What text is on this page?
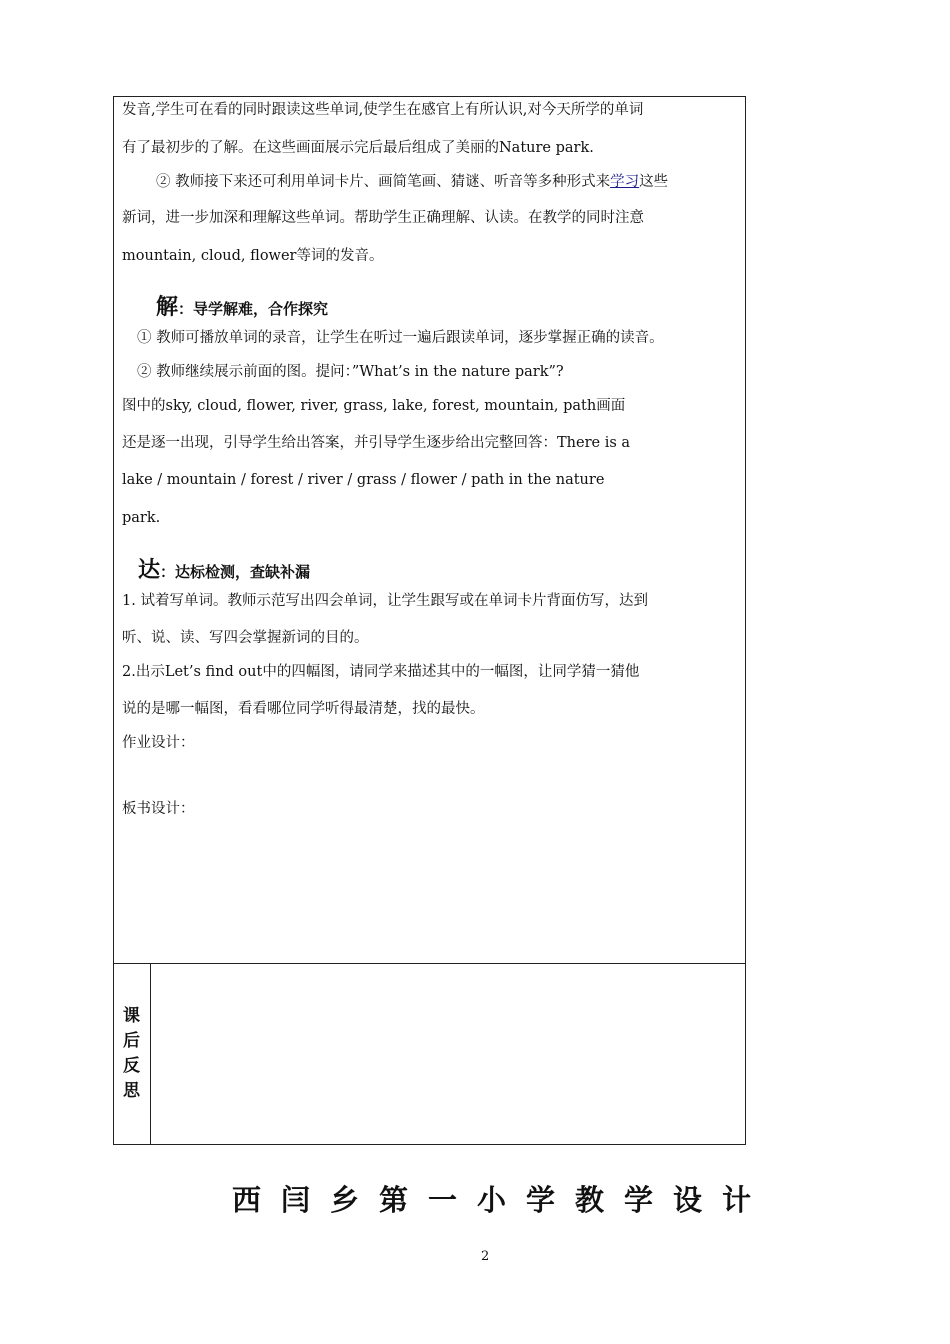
发音,学生可在看的同时跟读这些单词,使学生在感官上有所认识,对今天所学的单词
有了最初步的了解。在这些画面展示完后最后组成了美丽的Nature park.
② 教师接下来还可利用单词卡片、画简笔画、猜谜、听音等多种形式来学习这些
新词，进一步加深和理解这些单词。帮助学生正确理解、认读。在教学的同时注意
mountain, cloud, flower等词的发音。
解：导学解难，合作探究
① 教师可播放单词的录音，让学生在听过一遍后跟读单词，逐步掌握正确的读音。
② 教师继续展示前面的图。提问：”What’s in the nature park”?
图中的sky, cloud, flower, river, grass, lake, forest, mountain, path画面
还是逐一出现，引导学生给出答案，并引导学生逐步给出完整回答：There is a
lake / mountain / forest / river / grass / flower / path in the nature
park.
达：达标检测，查缺补漏
1. 试着写单词。教师示范写出四会单词，让学生跟写或在单词卡片背面仿写，达到
听、说、读、写四会掌握新词的目的。
2.出示Let’s find out中的四幅图，请同学来描述其中的一幅图，让同学猜一猜他
说的是哪一幅图，看看哪位同学听得最清楚，找的最快。
作业设计：
板书设计：
课后反思
西闫乡第一小学教学设计
2
